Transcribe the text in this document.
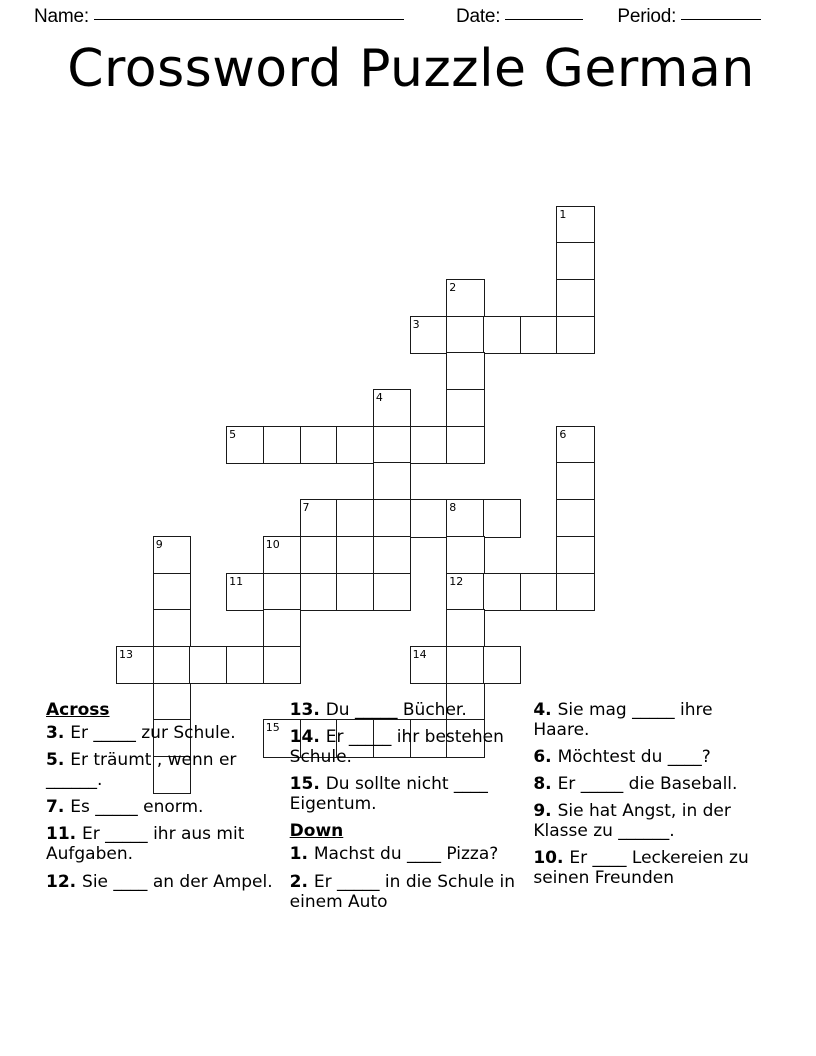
Name:	Date:	Period:
Crossword Puzzle German
1
2
3
4
5	6
7	8
9	10
11	12
13	14
15
Across

3. Er _____ zur Schule.

5. Er träumt , wenn er ______.

7. Es _____ enorm.

11. Er _____ ihr aus mit Aufgaben.

12. Sie ____ an der Ampel.

13. Du _____ Bücher.

14. Er _____ ihr bestehen Schule.

15. Du sollte nicht ____ Eigentum.

Down

1. Machst du ____ Pizza?

2. Er _____ in die Schule in einem Auto

4. Sie mag _____ ihre Haare.

6. Möchtest du ____?

8. Er _____ die Baseball.

9. Sie hat Angst, in der Klasse zu ______.

10. Er ____ Leckereien zu seinen Freunden
